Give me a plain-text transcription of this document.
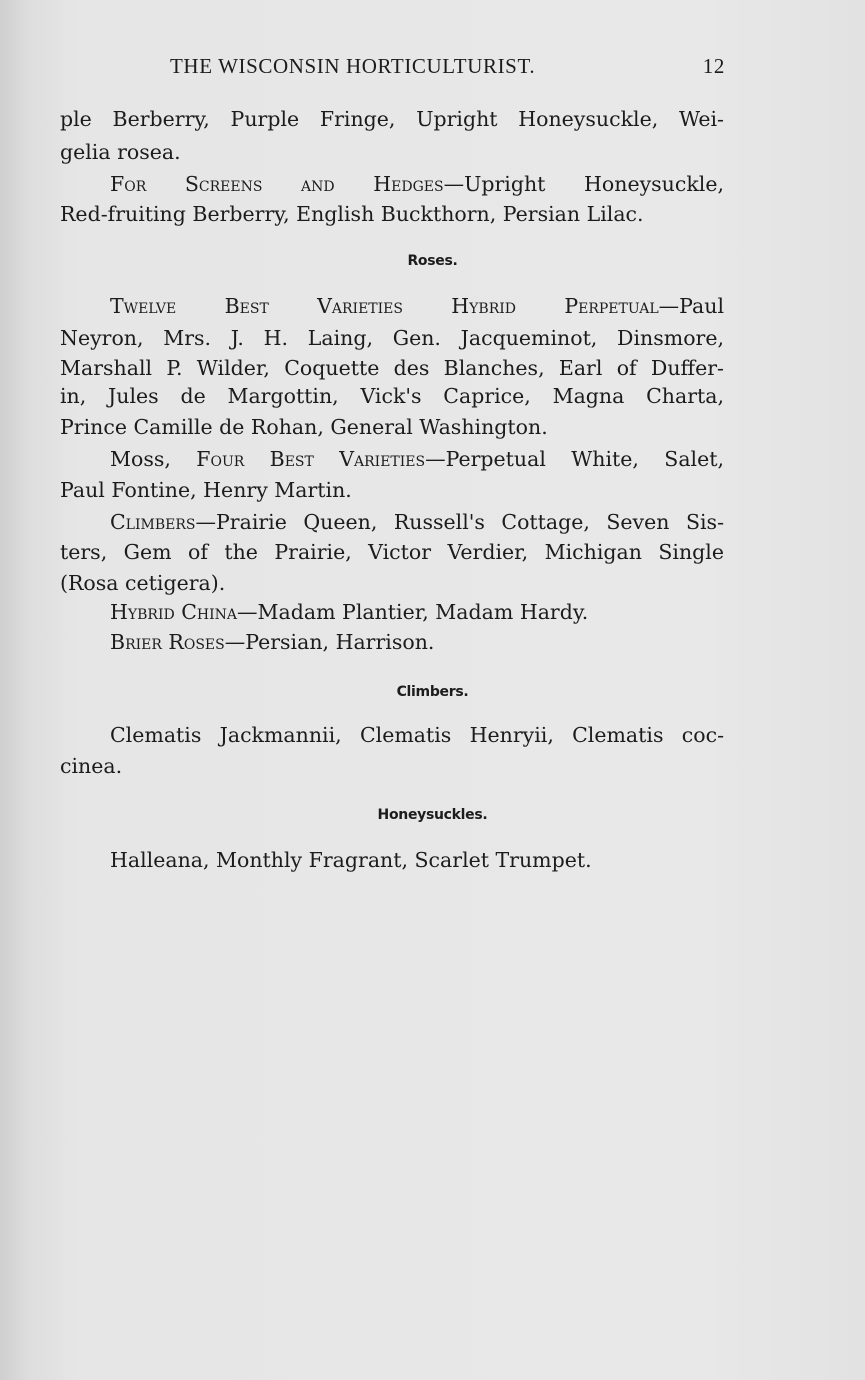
THE WISCONSIN HORTICULTURIST.	12
ple Berberry, Purple Fringe, Upright Honeysuckle, Wei-
gelia rosea.
For Screens and Hedges—Upright Honeysuckle,
Red-fruiting Berberry, English Buckthorn, Persian Lilac.
Roses.
Twelve Best Varieties Hybrid Perpetual—Paul
Neyron, Mrs. J. H. Laing, Gen. Jacqueminot, Dinsmore,
Marshall P. Wilder, Coquette des Blanches, Earl of Duffer-
in, Jules de Margottin, Vick's Caprice, Magna Charta,
Prince Camille de Rohan, General Washington.
Moss, Four Best Varieties—Perpetual White, Salet,
Paul Fontine, Henry Martin.
Climbers—Prairie Queen, Russell's Cottage, Seven Sis-
ters, Gem of the Prairie, Victor Verdier, Michigan Single
(Rosa cetigera).
Hybrid China—Madam Plantier, Madam Hardy.
Brier Roses—Persian, Harrison.
Climbers.
Clematis Jackmannii, Clematis Henryii, Clematis coc-
cinea.
Honeysuckles.
Halleana, Monthly Fragrant, Scarlet Trumpet.
